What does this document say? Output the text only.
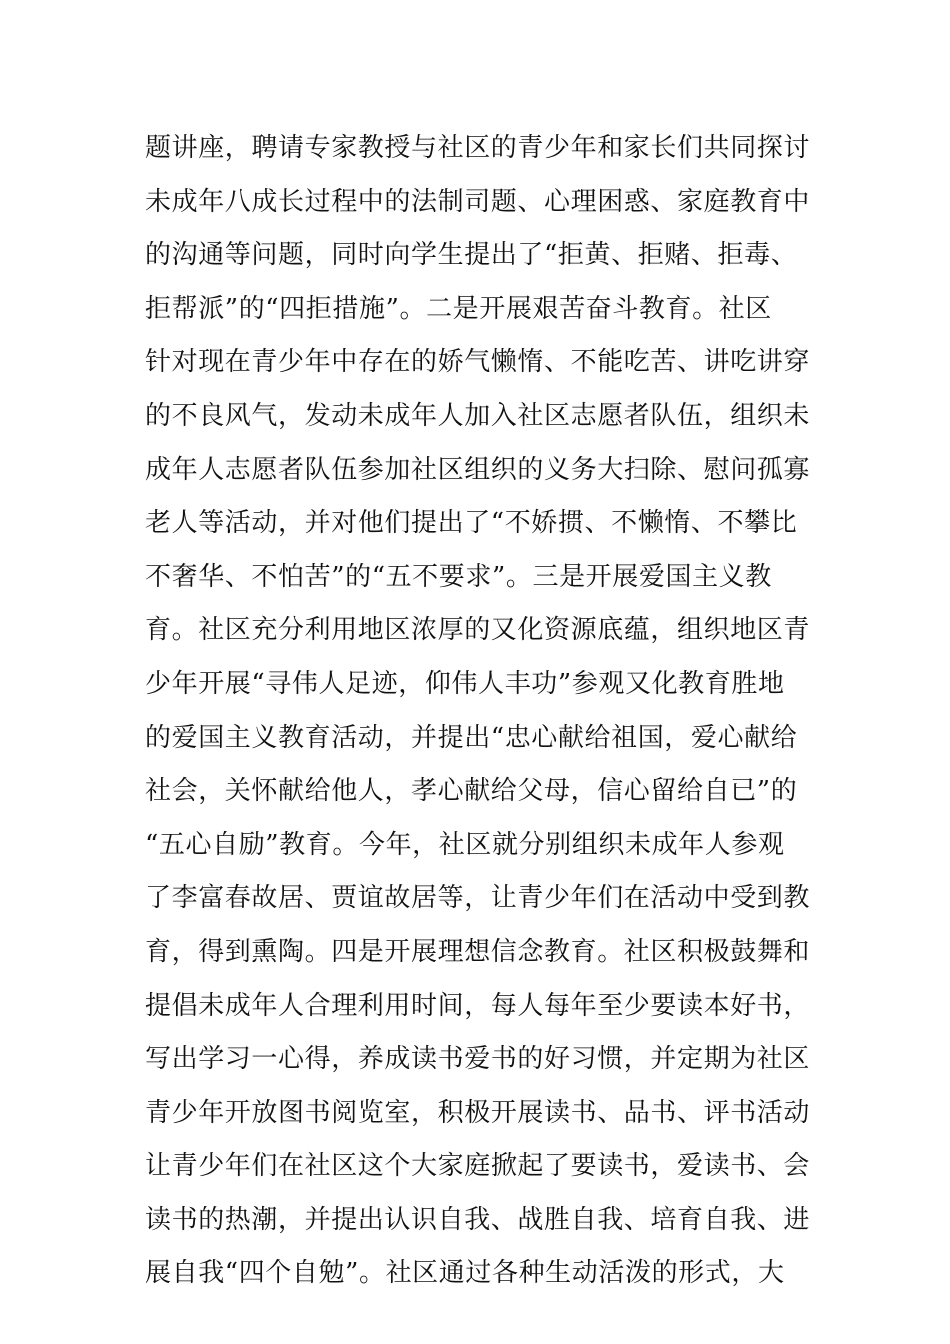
题讲座，聘请专家教授与社区的青少年和家长们共同探讨
未成年八成长过程中的法制司题、心理困惑、家庭教育中
的沟通等问题，同时向学生提出了“拒黄、拒赌、拒毒、
拒帮派”的“四拒措施”。二是开展艰苦奋斗教育。社区
针对现在青少年中存在的娇气懒惰、不能吃苦、讲吃讲穿
的不良风气，发动未成年人加入社区志愿者队伍，组织未
成年人志愿者队伍参加社区组织的义务大扫除、慰问孤寡
老人等活动，并对他们提出了“不娇掼、不懒惰、不攀比
不奢华、不怕苦”的“五不要求”。三是开展爱国主义教
育。社区充分利用地区浓厚的又化资源底蕴，组织地区青
少年开展“寻伟人足迹，仰伟人丰功”参观又化教育胜地
的爱国主义教育活动，并提出“忠心献给祖国，爱心献给
社会，关怀献给他人，孝心献给父母，信心留给自已”的
“五心自励”教育。今年，社区就分别组织未成年人参观
了李富春故居、贾谊故居等，让青少年们在活动中受到教
育，得到熏陶。四是开展理想信念教育。社区积极鼓舞和
提倡未成年人合理利用时间，每人每年至少要读本好书，
写出学习一心得，养成读书爱书的好习惯，并定期为社区
青少年开放图书阅览室，积极开展读书、品书、评书活动
让青少年们在社区这个大家庭掀起了要读书，爱读书、会
读书的热潮，并提出认识自我、战胜自我、培育自我、进
展自我“四个自勉”。社区通过各种生动活泼的形式，大
